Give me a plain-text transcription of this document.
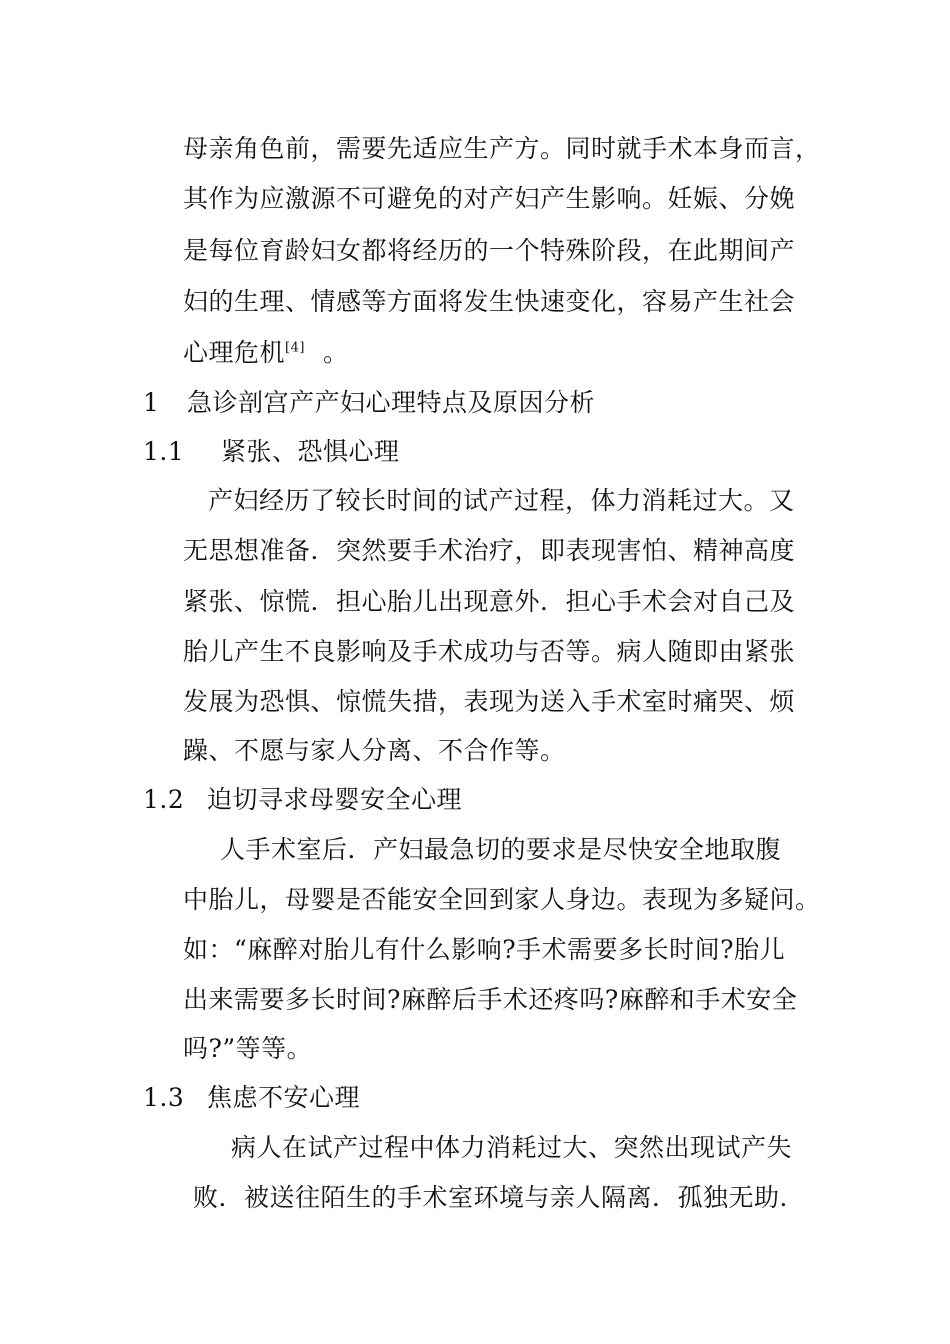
母亲角色前，需要先适应生产方。同时就手术本身而言，
其作为应激源不可避免的对产妇产生影响。妊娠、分娩
是每位育龄妇女都将经历的一个特殊阶段，在此期间产
妇的生理、情感等方面将发生快速变化，容易产生社会
心理危机[4] 。
1 急诊剖宫产产妇心理特点及原因分析
1.1 紧张、恐惧心理
产妇经历了较长时间的试产过程，体力消耗过大。又
无思想准备．突然要手术治疗，即表现害怕、精神高度
紧张、惊慌．担心胎儿出现意外．担心手术会对自己及
胎儿产生不良影响及手术成功与否等。病人随即由紧张
发展为恐惧、惊慌失措，表现为送入手术室时痛哭、烦
躁、不愿与家人分离、不合作等。
1.2 迫切寻求母婴安全心理
人手术室后．产妇最急切的要求是尽快安全地取腹
中胎儿，母婴是否能安全回到家人身边。表现为多疑问。
如：“麻醉对胎儿有什么影响?手术需要多长时间?胎儿
出来需要多长时间?麻醉后手术还疼吗?麻醉和手术安全
吗?”等等。
1.3 焦虑不安心理
病人在试产过程中体力消耗过大、突然出现试产失
败．被送往陌生的手术室环境与亲人隔离．孤独无助．
